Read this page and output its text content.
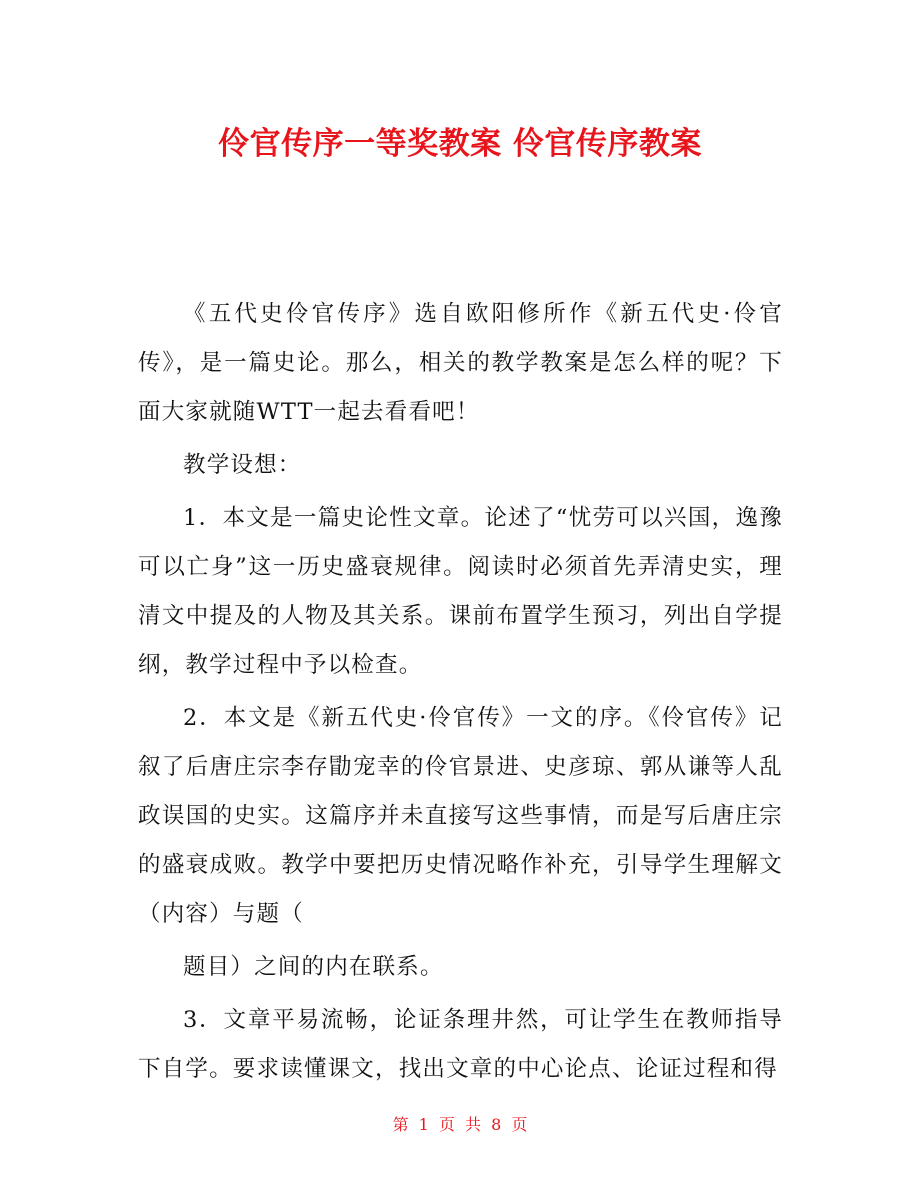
伶官传序一等奖教案 伶官传序教案

《五代史伶官传序》选自欧阳修所作《新五代史·伶官传》，是一篇史论。那么，相关的教学教案是怎么样的呢？下面大家就随WTT一起去看看吧！

教学设想：

1．本文是一篇史论性文章。论述了“忧劳可以兴国，逸豫可以亡身”这一历史盛衰规律。阅读时必须首先弄清史实，理清文中提及的人物及其关系。课前布置学生预习，列出自学提纲，教学过程中予以检查。

2．本文是《新五代史·伶官传》一文的序。《伶官传》记叙了后唐庄宗李存勖宠幸的伶官景进、史彦琼、郭从谦等人乱政误国的史实。这篇序并未直接写这些事情，而是写后唐庄宗的盛衰成败。教学中要把历史情况略作补充，引导学生理解文（内容）与题（

题目）之间的内在联系。

3．文章平易流畅，论证条理井然，可让学生在教师指导下自学。要求读懂课文，找出文章的中心论点、论证过程和得

第 1 页 共 8 页
